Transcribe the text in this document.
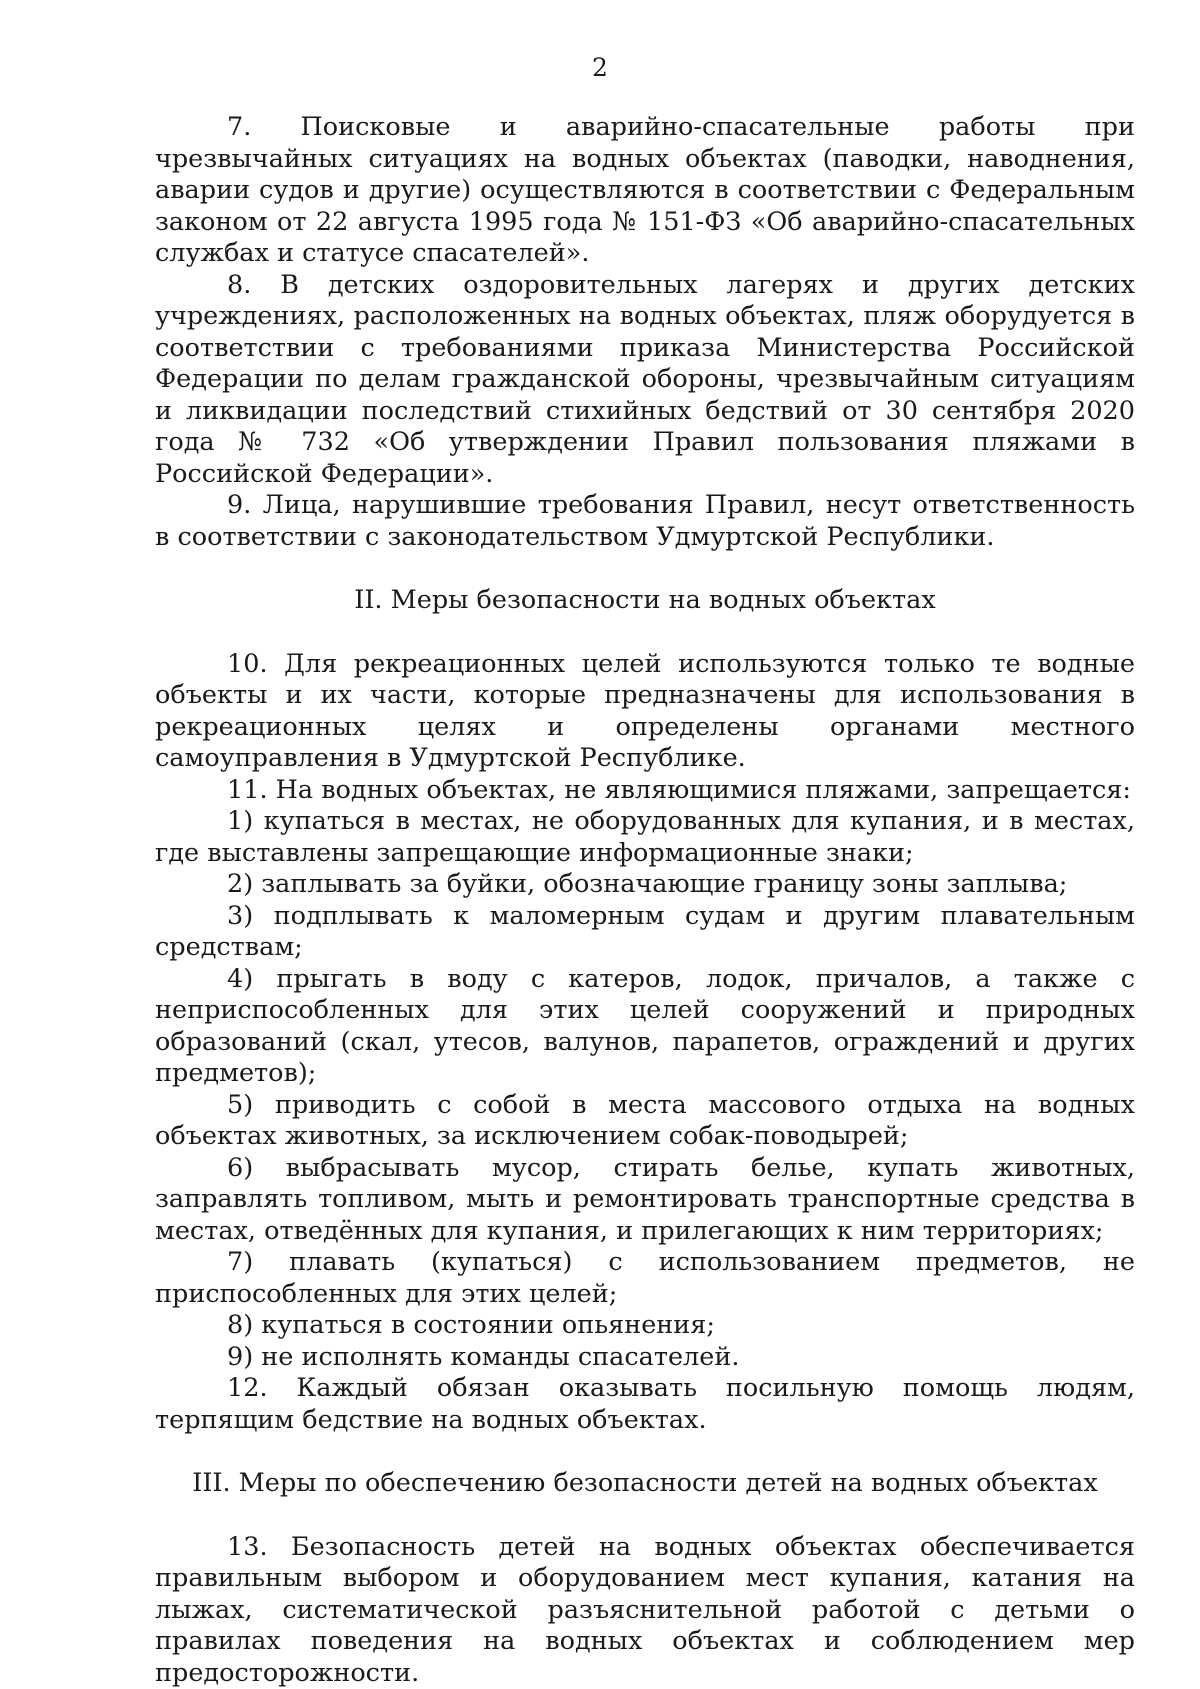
2

7. Поисковые и аварийно-спасательные работы при чрезвычайных ситуациях на водных объектах (паводки, наводнения, аварии судов и другие) осуществляются в соответствии с Федеральным законом от 22 августа 1995 года № 151-ФЗ «Об аварийно-спасательных службах и статусе спасателей».

8. В детских оздоровительных лагерях и других детских учреждениях, расположенных на водных объектах, пляж оборудуется в соответствии с требованиями приказа Министерства Российской Федерации по делам гражданской обороны, чрезвычайным ситуациям и ликвидации последствий стихийных бедствий от 30 сентября 2020 года № 732 «Об утверждении Правил пользования пляжами в Российской Федерации».

9. Лица, нарушившие требования Правил, несут ответственность в соответствии с законодательством Удмуртской Республики.

II. Меры безопасности на водных объектах

10. Для рекреационных целей используются только те водные объекты и их части, которые предназначены для использования в рекреационных целях и определены органами местного самоуправления в Удмуртской Республике.

11. На водных объектах, не являющимися пляжами, запрещается:

1) купаться в местах, не оборудованных для купания, и в местах, где выставлены запрещающие информационные знаки;

2) заплывать за буйки, обозначающие границу зоны заплыва;

3) подплывать к маломерным судам и другим плавательным средствам;

4) прыгать в воду с катеров, лодок, причалов, а также с неприспособленных для этих целей сооружений и природных образований (скал, утесов, валунов, парапетов, ограждений и других предметов);

5) приводить с собой в места массового отдыха на водных объектах животных, за исключением собак-поводырей;

6) выбрасывать мусор, стирать белье, купать животных, заправлять топливом, мыть и ремонтировать транспортные средства в местах, отведённых для купания, и прилегающих к ним территориях;

7) плавать (купаться) с использованием предметов, не приспособленных для этих целей;

8) купаться в состоянии опьянения;

9) не исполнять команды спасателей.

12. Каждый обязан оказывать посильную помощь людям, терпящим бедствие на водных объектах.

III. Меры по обеспечению безопасности детей на водных объектах

13. Безопасность детей на водных объектах обеспечивается правильным выбором и оборудованием мест купания, катания на лыжах, систематической разъяснительной работой с детьми о правилах поведения на водных объектах и соблюдением мер предосторожности.
